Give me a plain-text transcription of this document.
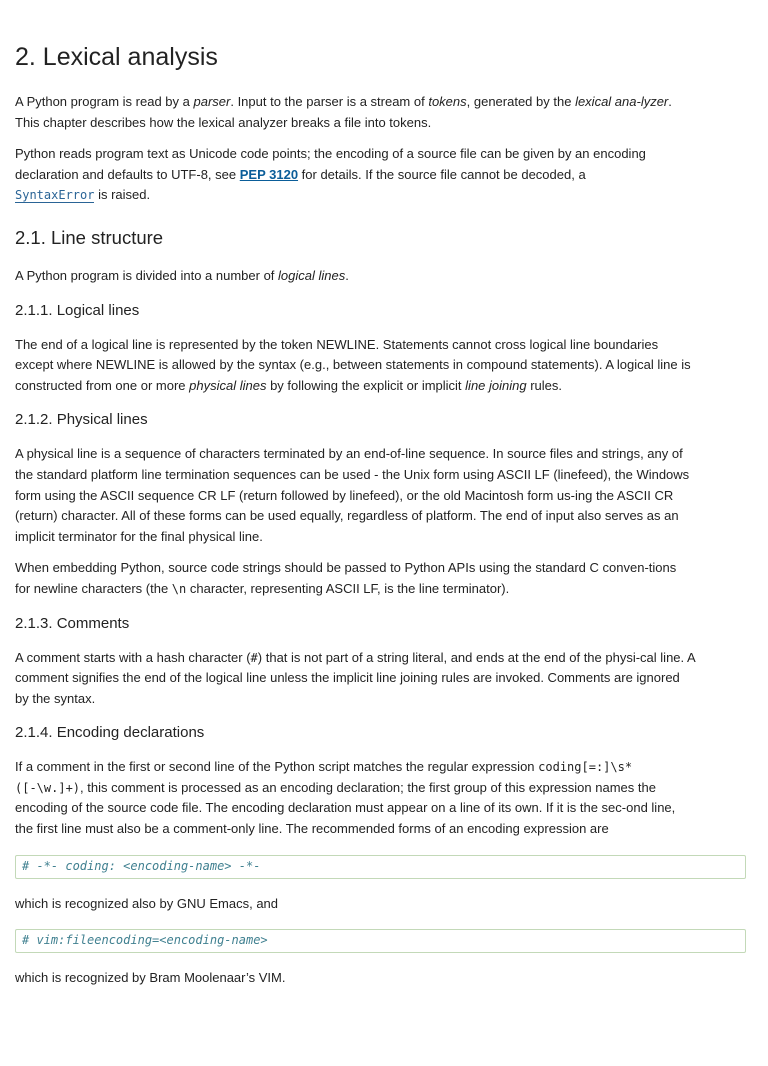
2. Lexical analysis

A Python program is read by a parser. Input to the parser is a stream of tokens, generated by the lexical ana-lyzer. This chapter describes how the lexical analyzer breaks a file into tokens.

Python reads program text as Unicode code points; the encoding of a source file can be given by an encoding declaration and defaults to UTF-8, see PEP 3120 for details. If the source file cannot be decoded, a
SyntaxError is raised.

2.1. Line structure

A Python program is divided into a number of logical lines.

2.1.1. Logical lines

The end of a logical line is represented by the token NEWLINE. Statements cannot cross logical line boundaries except where NEWLINE is allowed by the syntax (e.g., between statements in compound statements). A logical line is constructed from one or more physical lines by following the explicit or implicit line joining rules.

2.1.2. Physical lines

A physical line is a sequence of characters terminated by an end-of-line sequence. In source files and strings, any of the standard platform line termination sequences can be used - the Unix form using ASCII LF (linefeed), the Windows form using the ASCII sequence CR LF (return followed by linefeed), or the old Macintosh form us-ing the ASCII CR (return) character. All of these forms can be used equally, regardless of platform. The end of input also serves as an implicit terminator for the final physical line.

When embedding Python, source code strings should be passed to Python APIs using the standard C conven-tions for newline characters (the \n character, representing ASCII LF, is the line terminator).

2.1.3. Comments

A comment starts with a hash character (#) that is not part of a string literal, and ends at the end of the physi-cal line. A comment signifies the end of the logical line unless the implicit line joining rules are invoked. Comments are ignored by the syntax.

2.1.4. Encoding declarations

If a comment in the first or second line of the Python script matches the regular expression coding[=:]\s*
([-\w.]+), this comment is processed as an encoding declaration; the first group of this expression names the encoding of the source code file. The encoding declaration must appear on a line of its own. If it is the sec-ond line, the first line must also be a comment-only line. The recommended forms of an encoding expression are

# -*- coding: <encoding-name> -*-

which is recognized also by GNU Emacs, and

# vim:fileencoding=<encoding-name>

which is recognized by Bram Moolenaar’s VIM.
